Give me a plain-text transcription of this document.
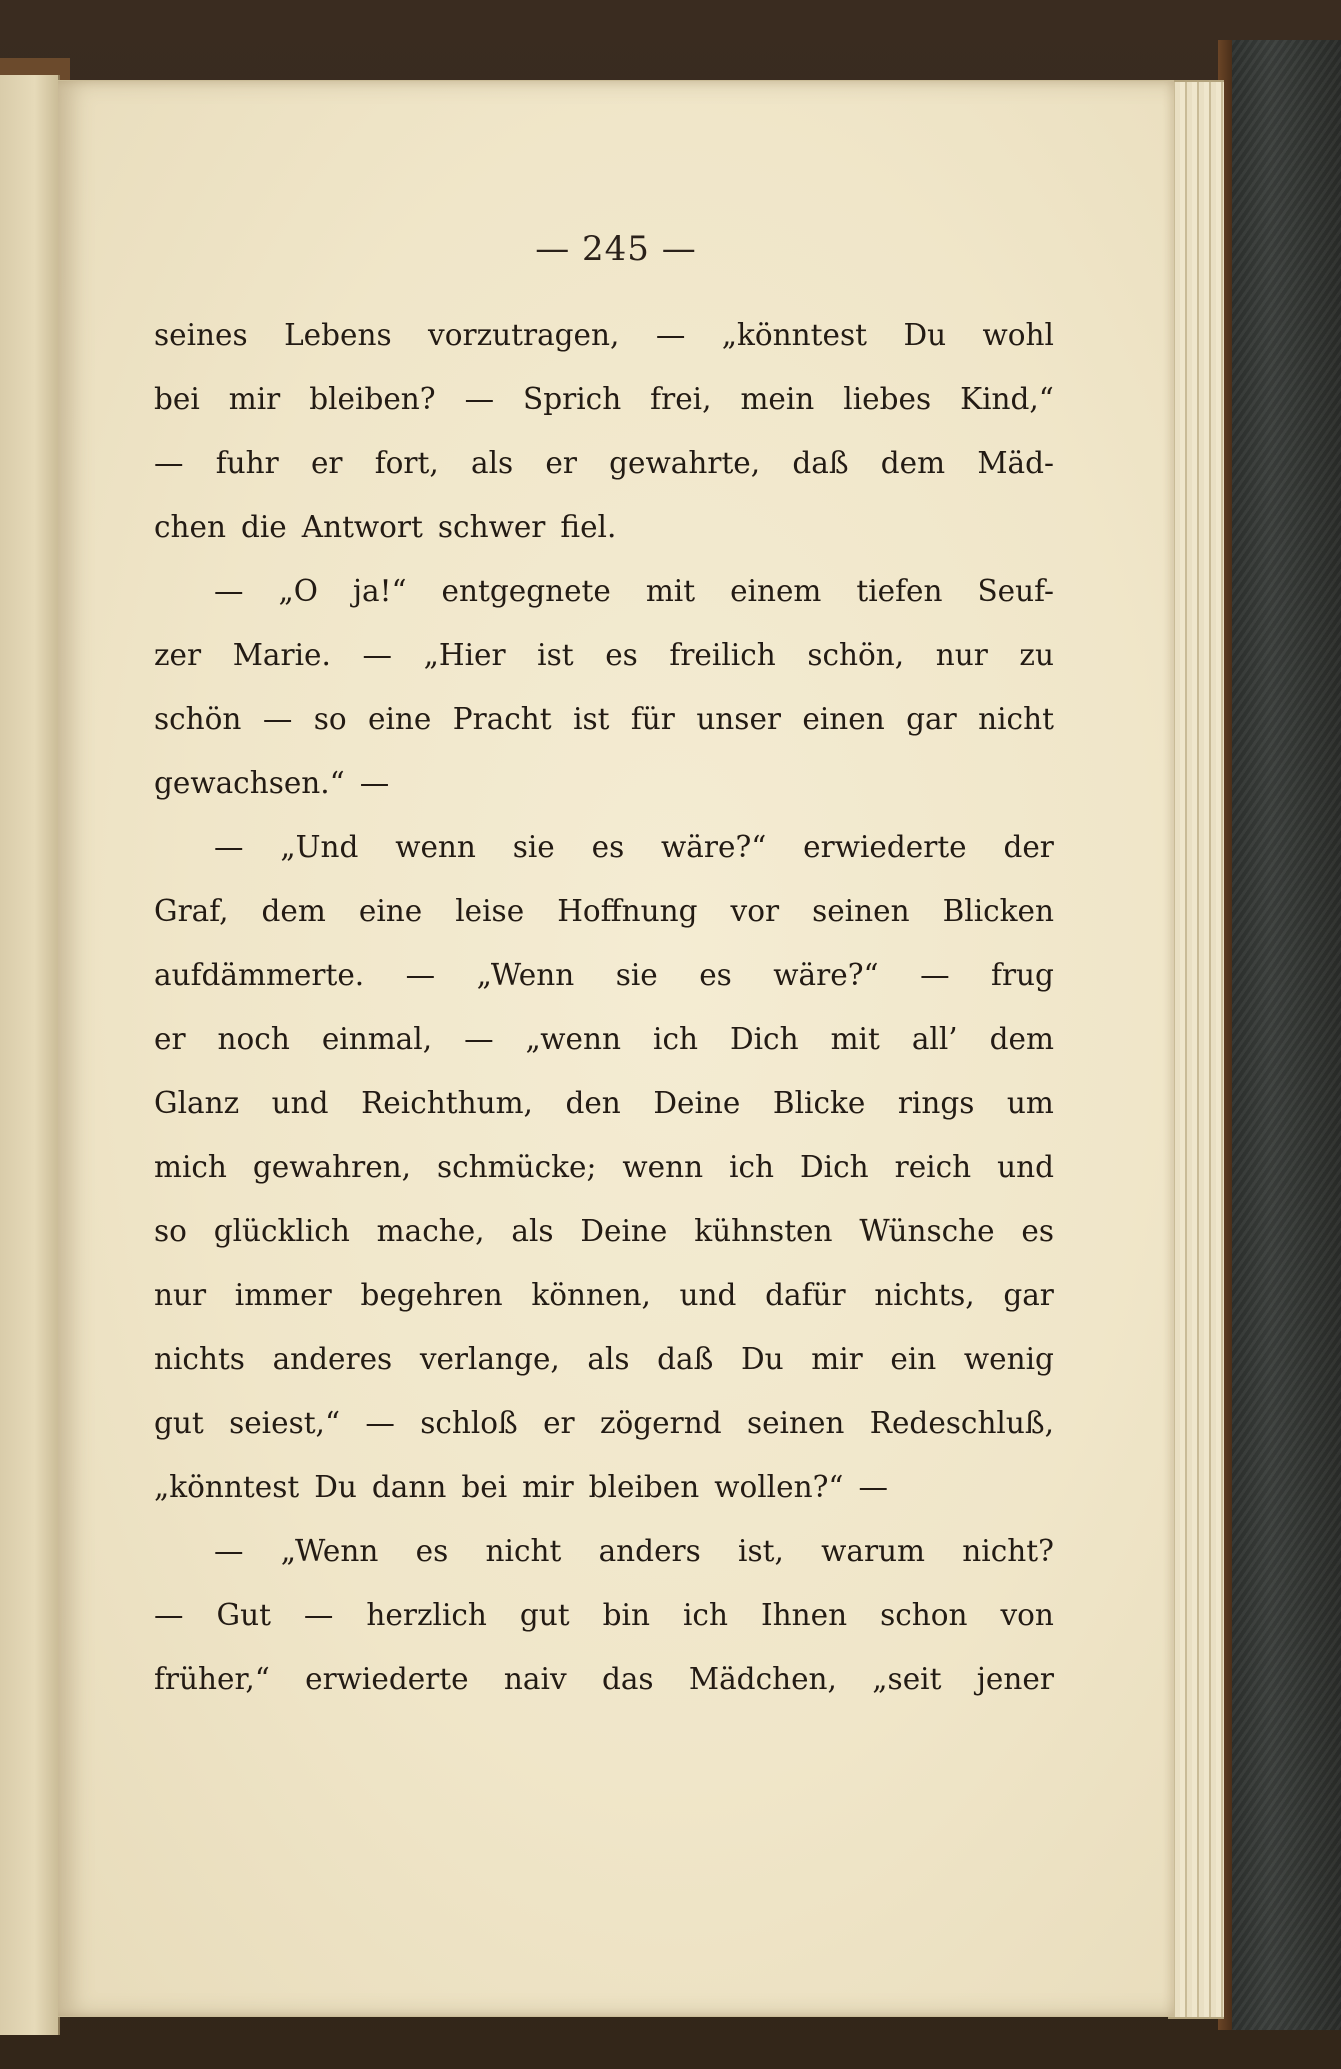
— 245 —

seines Lebens vorzutragen, — „könntest Du wohl
bei mir bleiben? — Sprich frei, mein liebes Kind,“
— fuhr er fort, als er gewahrte, daß dem Mäd-
chen die Antwort schwer fiel.
— „O ja!“ entgegnete mit einem tiefen Seuf-
zer Marie. — „Hier ist es freilich schön, nur zu
schön — so eine Pracht ist für unser einen gar nicht
gewachsen.“ —
— „Und wenn sie es wäre?“ erwiederte der
Graf, dem eine leise Hoffnung vor seinen Blicken
aufdämmerte. — „Wenn sie es wäre?“ — frug
er noch einmal, — „wenn ich Dich mit all’ dem
Glanz und Reichthum, den Deine Blicke rings um
mich gewahren, schmücke; wenn ich Dich reich und
so glücklich mache, als Deine kühnsten Wünsche es
nur immer begehren können, und dafür nichts, gar
nichts anderes verlange, als daß Du mir ein wenig
gut seiest,“ — schloß er zögernd seinen Redeschluß,
„könntest Du dann bei mir bleiben wollen?“ —
— „Wenn es nicht anders ist, warum nicht?
— Gut — herzlich gut bin ich Ihnen schon von
früher,“ erwiederte naiv das Mädchen, „seit jener
